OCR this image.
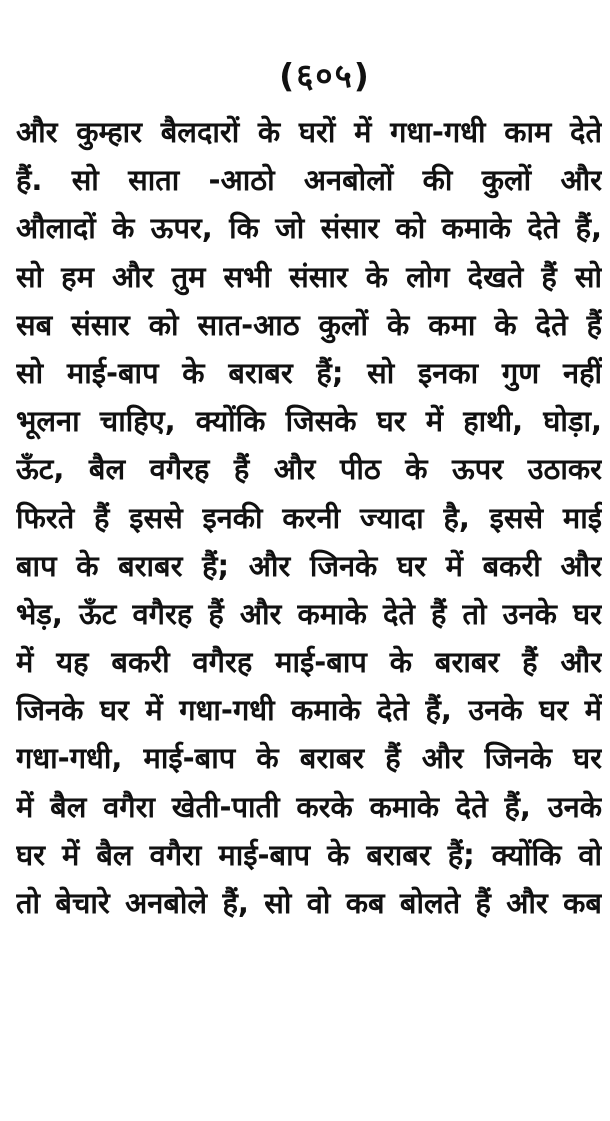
(६०५)
और कुम्हार बैलदारों के घरों में गधा-गधी काम देते
हैं. सो साता -आठो अनबोलों की कुलों और
औलादों के ऊपर, कि जो संसार को कमाके देते हैं,
सो हम और तुम सभी संसार के लोग देखते हैं सो
सब संसार को सात-आठ कुलों के कमा के देते हैं
सो माई-बाप के बराबर हैं; सो इनका गुण नहीं
भूलना चाहिए, क्योंकि जिसके घर में हाथी, घोड़ा,
ऊँट, बैल वगैरह हैं और पीठ के ऊपर उठाकर
फिरते हैं इससे इनकी करनी ज्यादा है, इससे माई
बाप के बराबर हैं; और जिनके घर में बकरी और
भेड़, ऊँट वगैरह हैं और कमाके देते हैं तो उनके घर
में यह बकरी वगैरह माई-बाप के बराबर हैं और
जिनके घर में गधा-गधी कमाके देते हैं, उनके घर में
गधा-गधी, माई-बाप के बराबर हैं और जिनके घर
में बैल वगैरा खेती-पाती करके कमाके देते हैं, उनके
घर में बैल वगैरा माई-बाप के बराबर हैं; क्योंकि वो
तो बेचारे अनबोले हैं, सो वो कब बोलते हैं और कब
